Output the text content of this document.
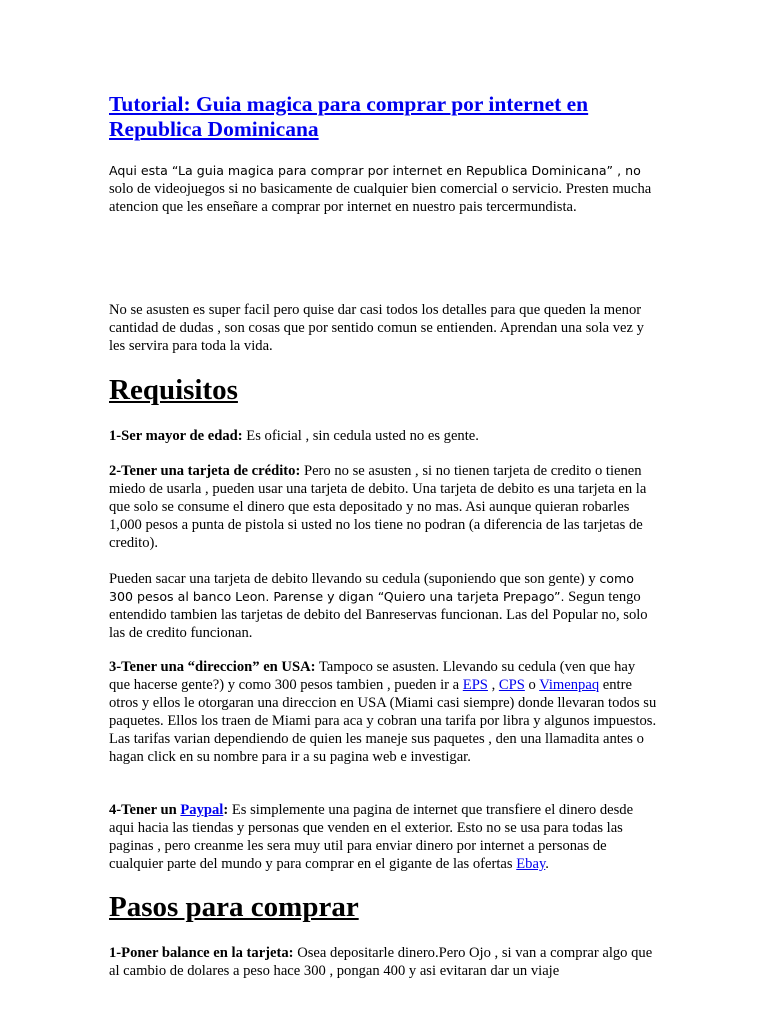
Tutorial: Guia magica para comprar por internet en Republica Dominicana

Aqui esta “La guia magica para comprar por internet en Republica Dominicana” , no solo de videojuegos si no basicamente de cualquier bien comercial o servicio. Presten mucha atencion que les enseñare a comprar por internet en nuestro pais tercermundista.

No se asusten es super facil pero quise dar casi todos los detalles para que queden la menor cantidad de dudas , son cosas que por sentido comun se entienden. Aprendan una sola vez y les servira para toda la vida.

Requisitos

1-Ser mayor de edad: Es oficial , sin cedula usted no es gente.

2-Tener una tarjeta de crédito: Pero no se asusten , si no tienen tarjeta de credito o tienen miedo de usarla , pueden usar una tarjeta de debito. Una tarjeta de debito es una tarjeta en la que solo se consume el dinero que esta depositado y no mas. Asi aunque quieran robarles 1,000 pesos a punta de pistola si usted no los tiene no podran (a diferencia de las tarjetas de credito).

Pueden sacar una tarjeta de debito llevando su cedula (suponiendo que son gente) y como 300 pesos al banco Leon. Parense y digan “Quiero una tarjeta Prepago”. Segun tengo entendido tambien las tarjetas de debito del Banreservas funcionan. Las del Popular no, solo las de credito funcionan.

3-Tener una “direccion” en USA: Tampoco se asusten. Llevando su cedula (ven que hay que hacerse gente?) y como 300 pesos tambien , pueden ir a EPS , CPS o Vimenpaq entre otros y ellos le otorgaran una direccion en USA (Miami casi siempre) donde llevaran todos su paquetes. Ellos los traen de Miami para aca y cobran una tarifa por libra y algunos impuestos. Las tarifas varian dependiendo de quien les maneje sus paquetes , den una llamadita antes o hagan click en su nombre para ir a su pagina web e investigar.

4-Tener un Paypal: Es simplemente una pagina de internet que transfiere el dinero desde aqui hacia las tiendas y personas que venden en el exterior. Esto no se usa para todas las paginas , pero creanme les sera muy util para enviar dinero por internet a personas de cualquier parte del mundo y para comprar en el gigante de las ofertas Ebay.

Pasos para comprar

1-Poner balance en la tarjeta: Osea depositarle dinero.Pero Ojo , si van a comprar algo que al cambio de dolares a peso hace 300 , pongan 400 y asi evitaran dar un viaje
